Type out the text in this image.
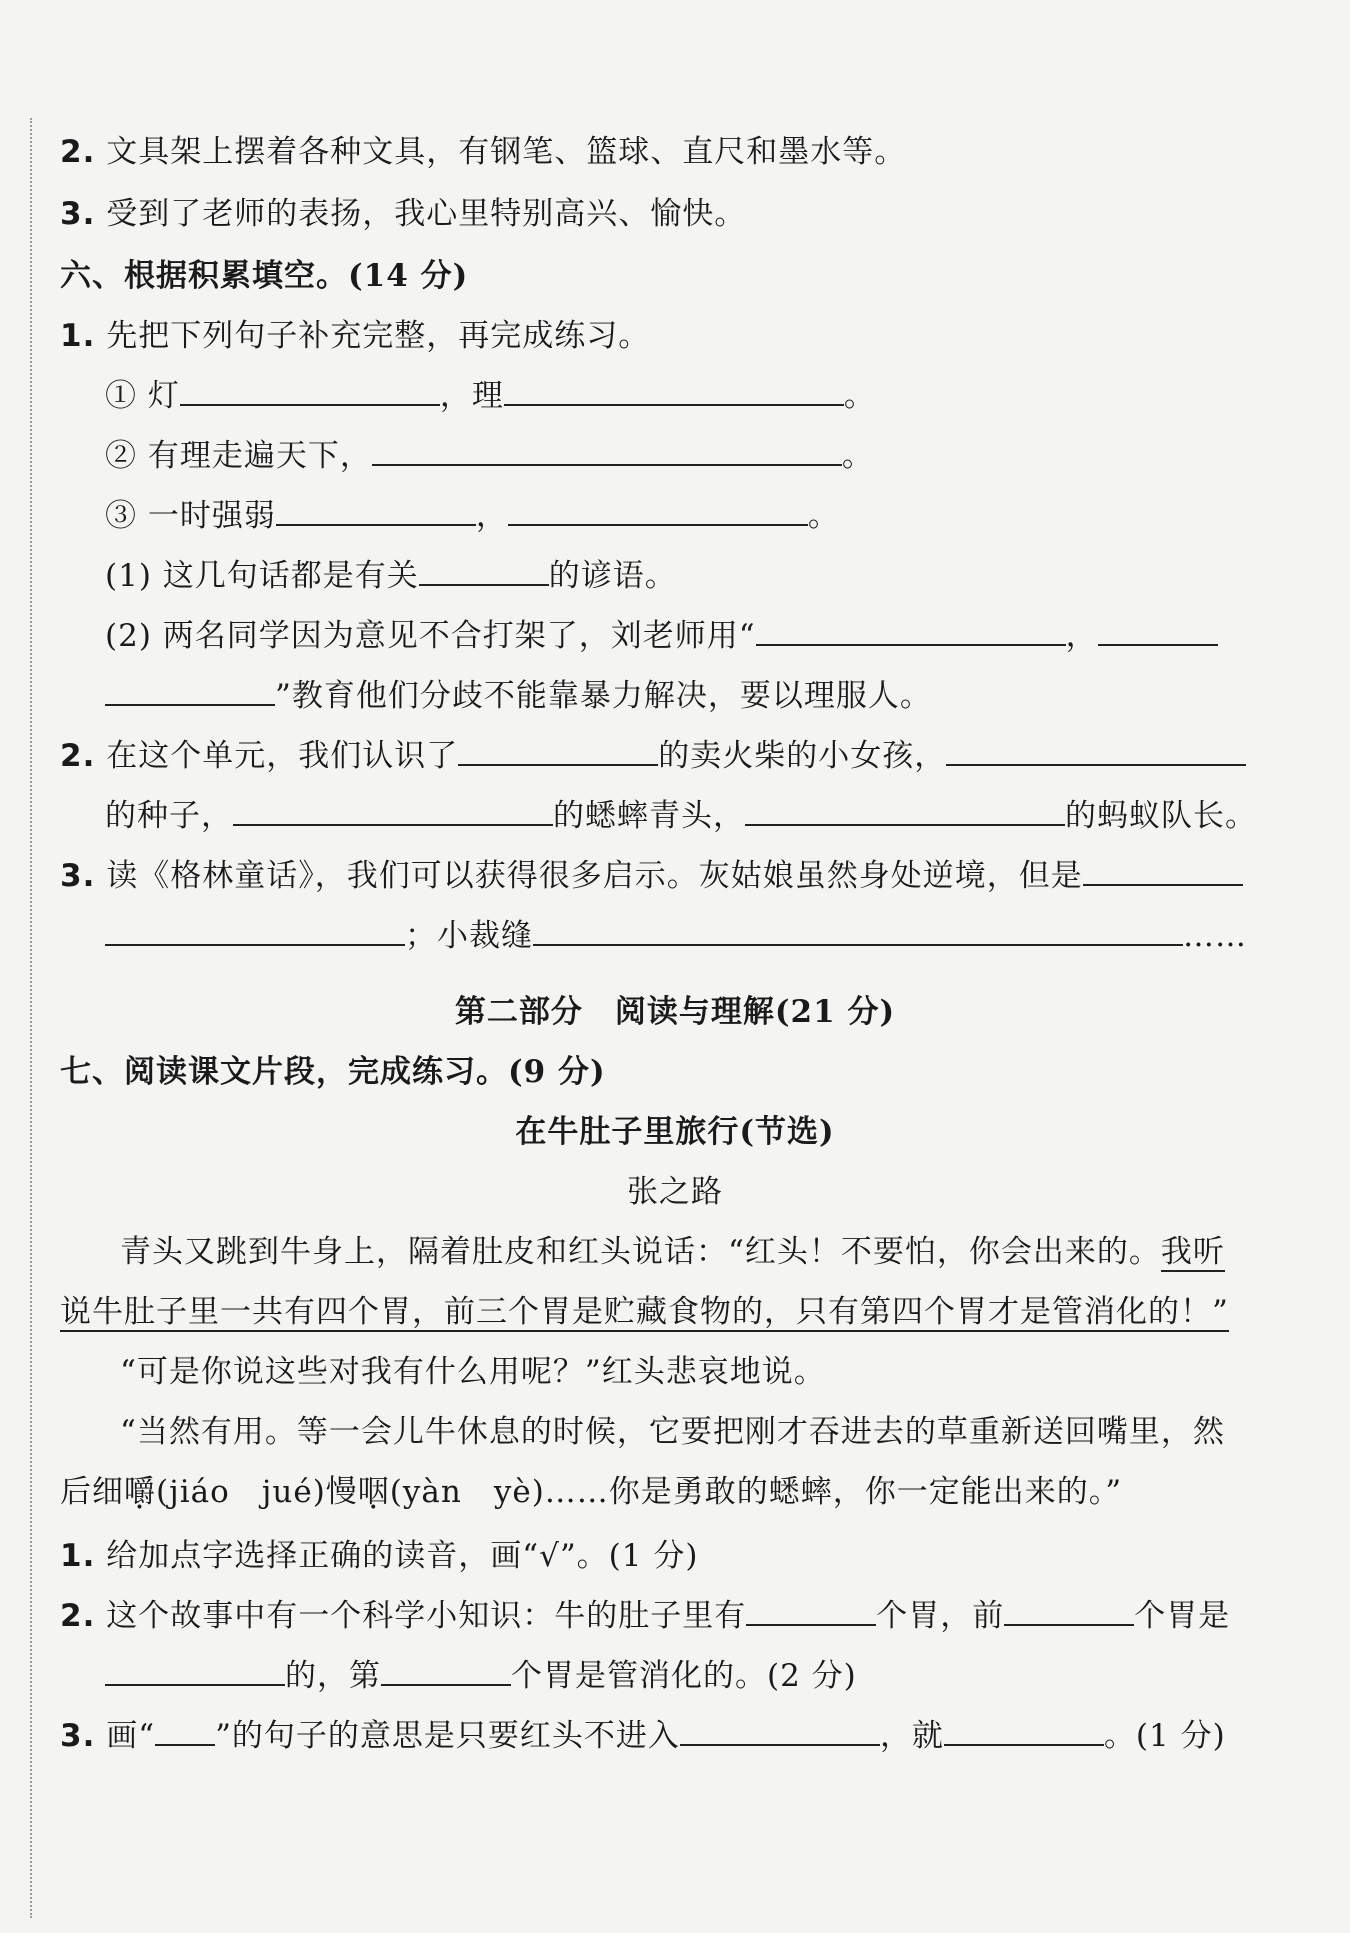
2. 文具架上摆着各种文具，有钢笔、篮球、直尺和墨水等。
3. 受到了老师的表扬，我心里特别高兴、愉快。
六、根据积累填空。(14 分)
1. 先把下列句子补充完整，再完成练习。
① 灯	，理	。
② 有理走遍天下，	。
③ 一时强弱	，	。
(1) 这几句话都是有关	的谚语。
(2) 两名同学因为意见不合打架了，刘老师用“	，
”教育他们分歧不能靠暴力解决，要以理服人。
2. 在这个单元，我们认识了	的卖火柴的小女孩，
的种子，	的蟋蟀青头，	的蚂蚁队长。
3. 读《格林童话》，我们可以获得很多启示。灰姑娘虽然身处逆境，但是
；小裁缝	……
第二部分　阅读与理解(21 分)
七、阅读课文片段，完成练习。(9 分)
在牛肚子里旅行(节选)
张之路
青头又跳到牛身上，隔着肚皮和红头说话：“红头！不要怕，你会出来的。我听
说牛肚子里一共有四个胃，前三个胃是贮藏食物的，只有第四个胃才是管消化的！”
“可是你说这些对我有什么用呢？”红头悲哀地说。
“当然有用。等一会儿牛休息的时候，它要把刚才吞进去的草重新送回嘴里，然
后细嚼(jiáo　jué)慢咽(yàn　yè)……你是勇敢的蟋蟀，你一定能出来的。”
1. 给加点字选择正确的读音，画“√”。(1 分)
2. 这个故事中有一个科学小知识：牛的肚子里有	个胃，前	个胃是
的，第	个胃是管消化的。(2 分)
3. 画“ ”的句子的意思是只要红头不进入	，就	。(1 分)
